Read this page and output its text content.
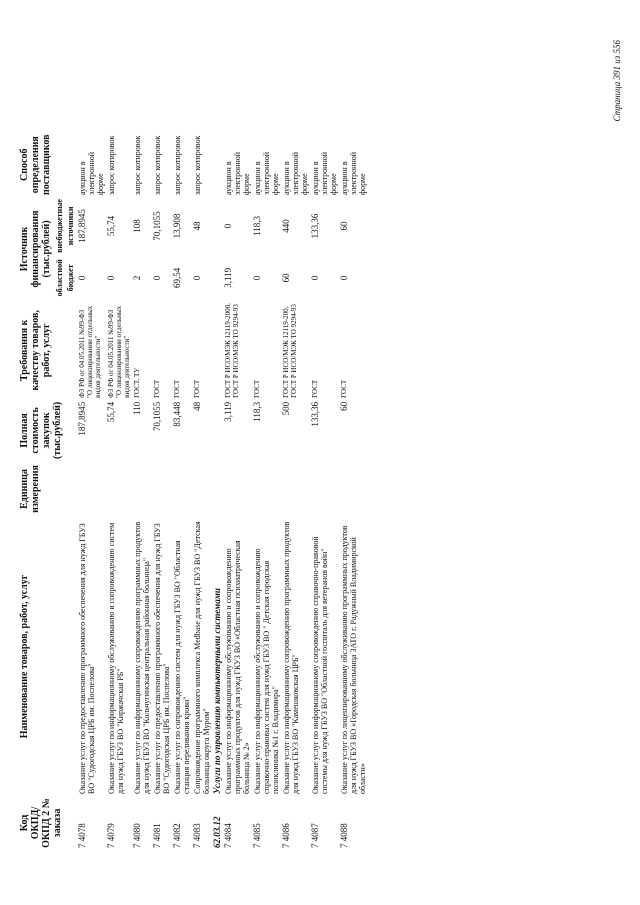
Код ОКПД/ ОКПД 2 № заказа	Наименование товаров, работ, услуг	Единица измерения	Полная стоимость закупок (тыс.рублей)	Требования к качеству товаров, работ, услуг	Источник финансирования (тыс.рублей)		Способ определения поставщиков
					областной бюджет	внебюджетные источники	
7 4078	Оказание услуг по предоставлению программного обеспечения для нужд ГБУЗ ВО "Судогодская ЦРБ им. Поспелова"		187,8945	ФЗ РФ от 04.05.2011 №99-ФЗ "О лицензировании отдельных видов деятельности"	0	187,8945	аукцион в электронной форме
7 4079	Оказание услуг по информационному обслуживанию и сопровождению систем для нужд ГБУЗ ВО "Киржачская РБ"		55,74	ФЗ РФ от 04.05.2011 №99-ФЗ "О лицензировании отдельных видов деятельности"	0	55,74	запрос котировок
7 4080	Оказание услуг по информационному сопровождению программных продуктов для нужд ГБУЗ ВО "Кольчугинская центральная районная больница"		110	ГОСТ, ТУ	2	108	запрос котировок
7 4081	Оказание услуг по предоставлению программного обеспечения для нужд ГБУЗ ВО "Судогодская ЦРБ им. Поспелова"		70,1055	ГОСТ	0	70,1055	запрос котировок
7 4082	Оказание услуг по сопровождению систем для нужд ГБУЗ ВО "Областная станция переливания крови"		83,448	ГОСТ	69,54	13,908	запрос котировок
7 4083	Сопровождение программного комплекса Medbase для нужд ГБУЗ ВО "Детская больница округа Муром"		48	ГОСТ	0	48	запрос котировок
62.03.12	Услуги по управлению компьютерными системами						
7 4084	Оказание услуг по информационному обслуживанию и сопровождению программных продуктов для нужд ГКУЗ ВО «Областная психиатрическая больница № 2»		3,119	ГОСТ Р ИСО/МЭК 12119-2000, ГОСТ Р ИСО/МЭК ТО 9294-93	3,119	0	аукцион в электронной форме
7 4085	Оказание услуг по информационному обслуживанию и сопровождению справочно-правовых систем для нужд ГБУЗ ВО " Детская городская поликлиника №1 г. Владимира"		118,3	ГОСТ	0	118,3	аукцион в электронной форме
7 4086	Оказание услуг по информационному сопровождению программных продуктов для нужд ГБУЗ ВО "Камешковская ЦРБ"		500	ГОСТ Р ИСО/МЭК 12119-200, ГОСТ Р ИСО/МЭК ТО 9294-93	60	440	аукцион в электронной форме
7 4087	Оказание услуг по информационному сопровождению справочно-правовой системы для нужд ГБУЗ ВО "Областной госпиталь для ветеранов войн"		133,36	ГОСТ	0	133,36	аукцион в электронной форме
7 4088	Оказание услуг по лицензированному обслуживанию программных продуктов для нужд ГБУЗ ВО «Городская больница ЗАТО г. Радужный Владимирской области»		60	ГОСТ	0	60	аукцион в электронной форме
Страница 391 из 556
